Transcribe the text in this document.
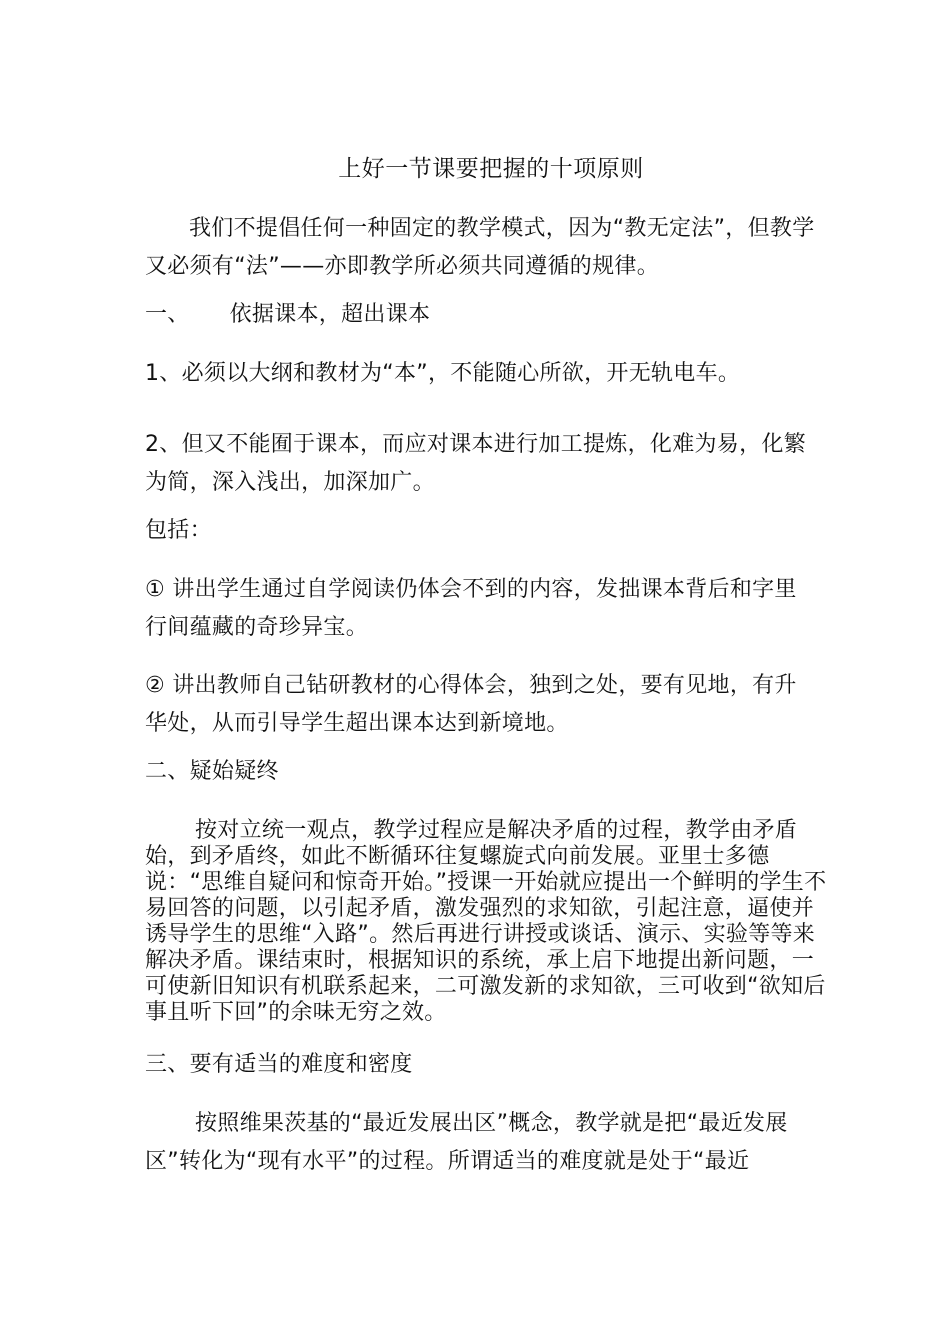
上好一节课要把握的十项原则

我们不提倡任何一种固定的教学模式，因为“教无定法”，但教学又必须有“法”——亦即教学所必须共同遵循的规律。

一、 依据课本，超出课本

1、必须以大纲和教材为“本”，不能随心所欲，开无轨电车。

2、但又不能囿于课本，而应对课本进行加工提炼，化难为易，化繁为简，深入浅出，加深加广。

包括：

① 讲出学生通过自学阅读仍体会不到的内容，发拙课本背后和字里行间蕴藏的奇珍异宝。

② 讲出教师自己钻研教材的心得体会，独到之处，要有见地，有升华处，从而引导学生超出课本达到新境地。

二、疑始疑终

按对立统一观点，教学过程应是解决矛盾的过程，教学由矛盾始，到矛盾终，如此不断循环往复螺旋式向前发展。亚里士多德说：“思维自疑问和惊奇开始。”授课一开始就应提出一个鲜明的学生不易回答的问题，以引起矛盾，激发强烈的求知欲，引起注意，逼使并诱导学生的思维“入路”。然后再进行讲授或谈话、演示、实验等等来解决矛盾。课结束时，根据知识的系统，承上启下地提出新问题，一可使新旧知识有机联系起来，二可激发新的求知欲，三可收到“欲知后事且听下回”的余味无穷之效。

三、要有适当的难度和密度

按照维果茨基的“最近发展出区”概念，教学就是把“最近发展区”转化为“现有水平”的过程。所谓适当的难度就是处于“最近
